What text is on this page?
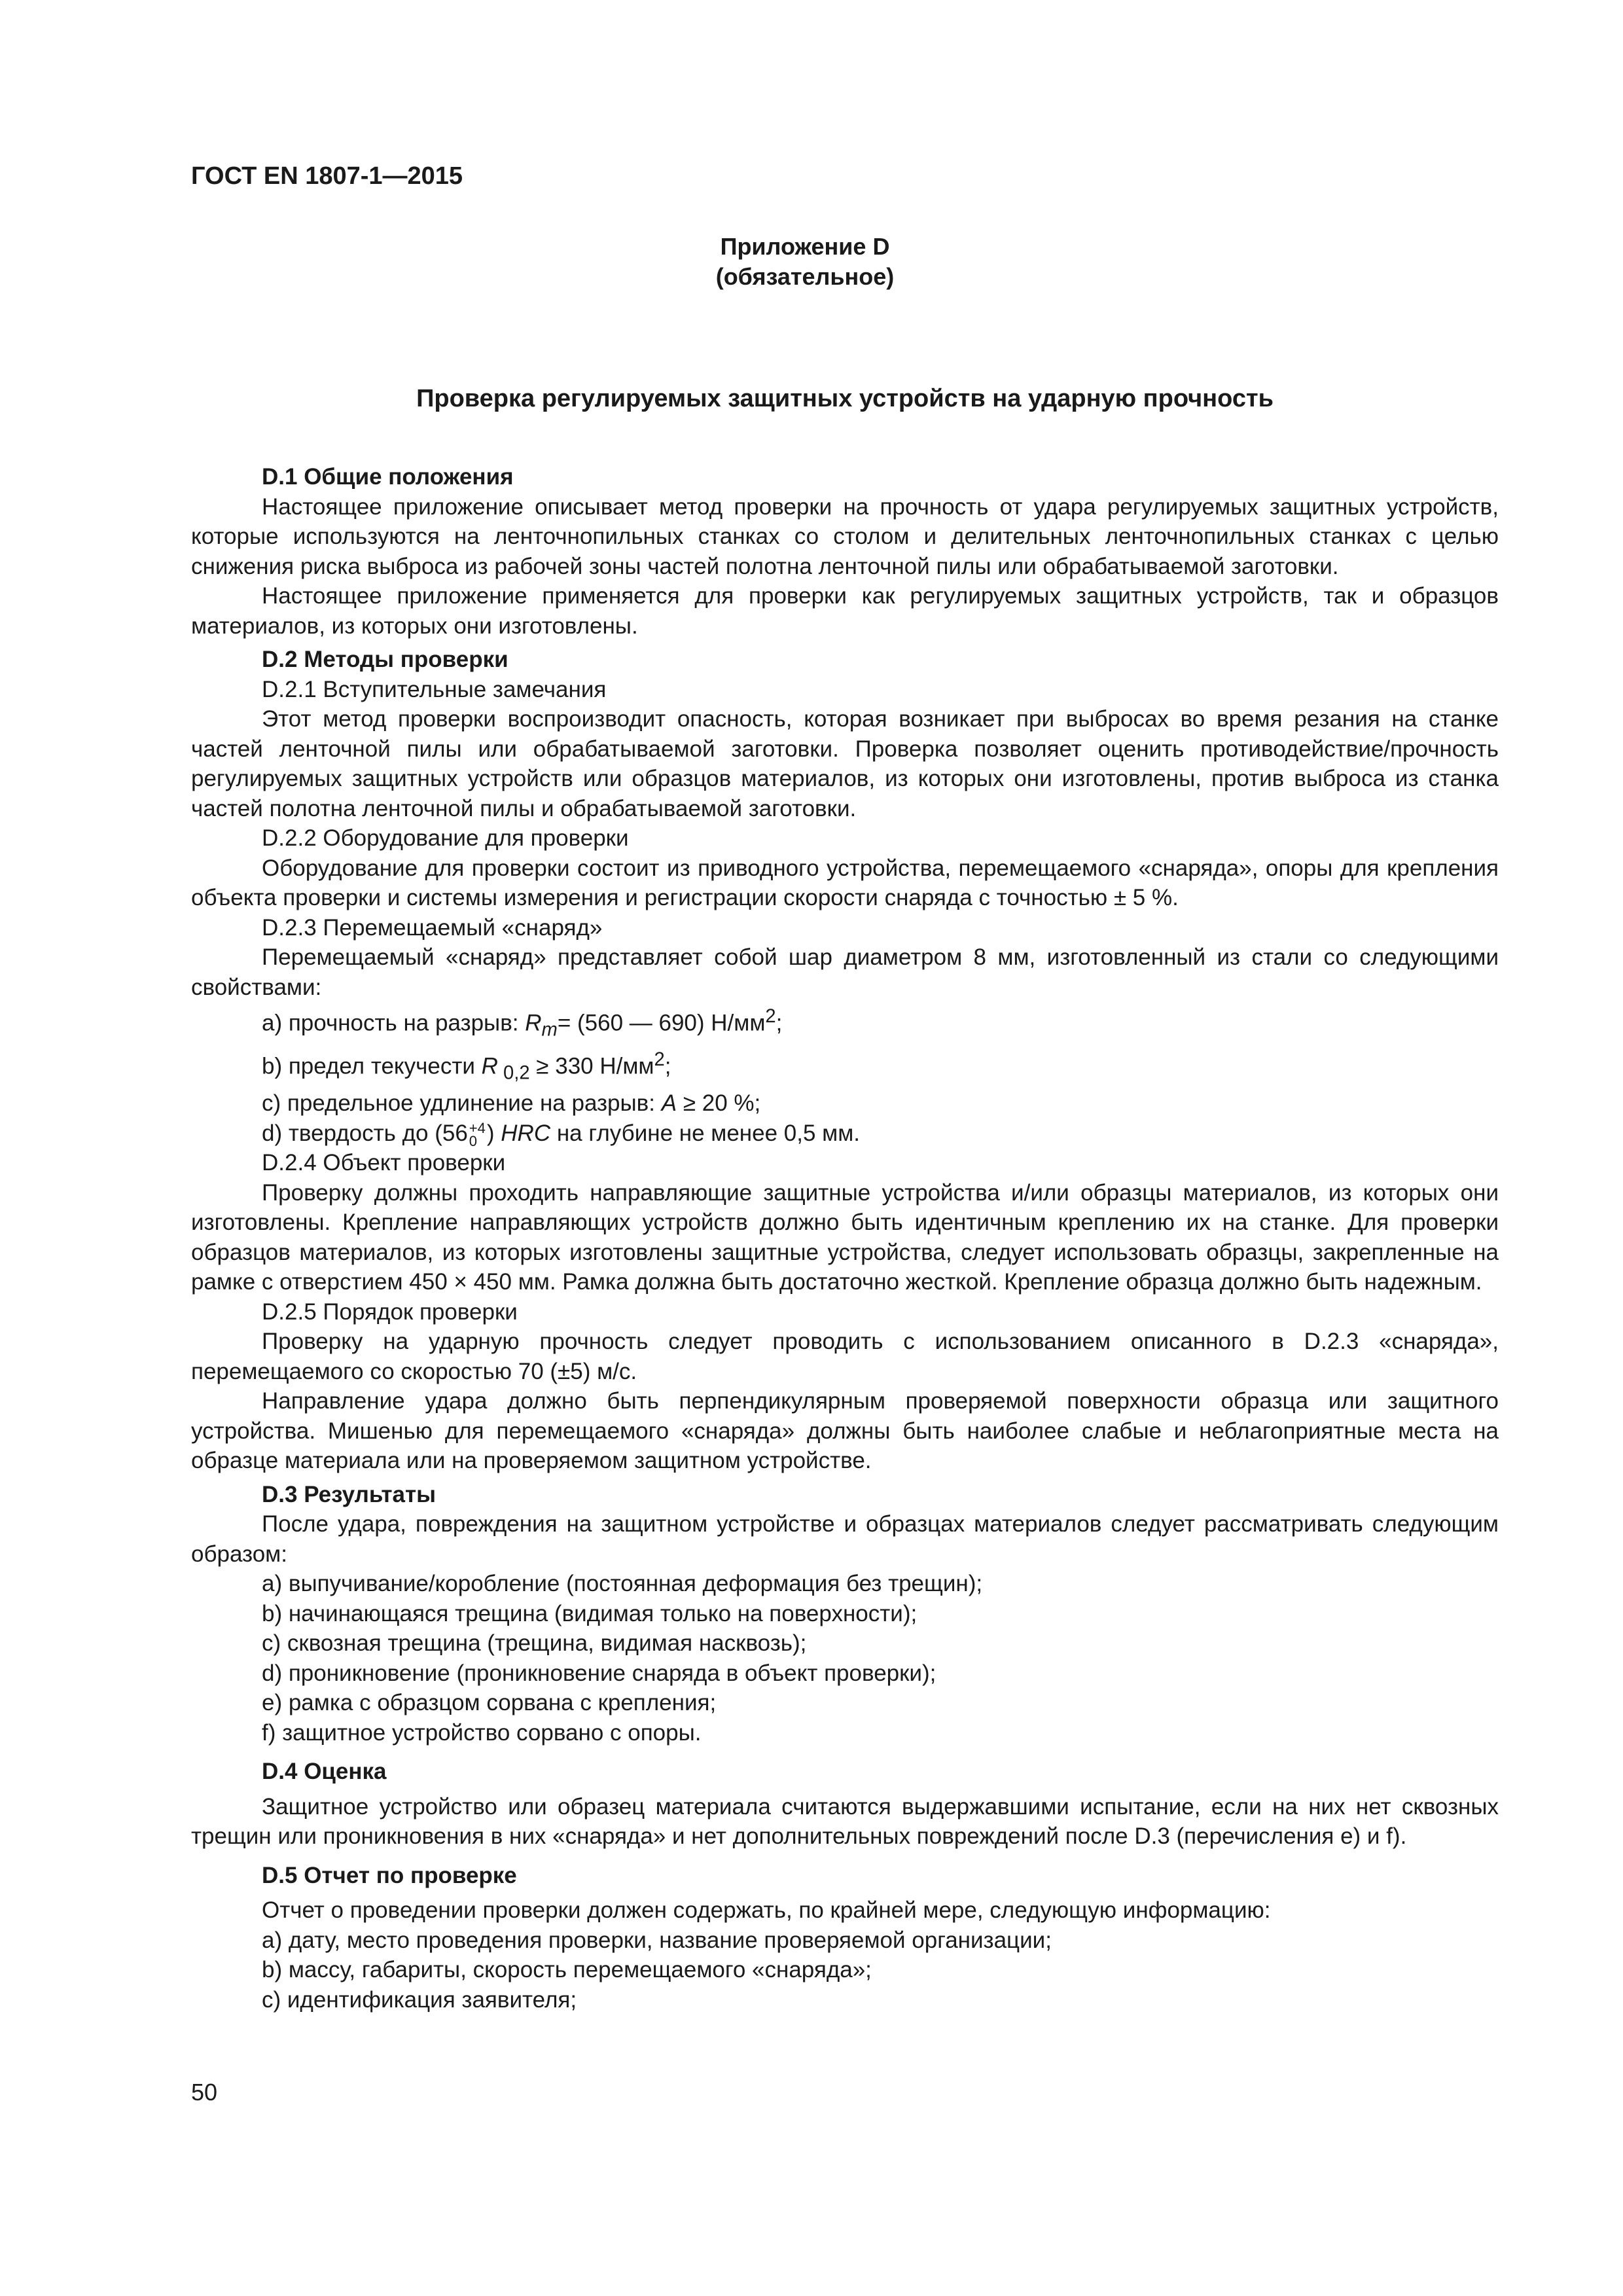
ГОСТ EN 1807-1—2015
Приложение D
(обязательное)
Проверка регулируемых защитных устройств на ударную прочность
D.1 Общие положения
Настоящее приложение описывает метод проверки на прочность от удара регулируемых защитных устройств, которые используются на ленточнопильных станках со столом и делительных ленточнопильных станках с целью снижения риска выброса из рабочей зоны частей полотна ленточной пилы или обрабатываемой заготовки.
Настоящее приложение применяется для проверки как регулируемых защитных устройств, так и образцов материалов, из которых они изготовлены.
D.2 Методы проверки
D.2.1 Вступительные замечания
Этот метод проверки воспроизводит опасность, которая возникает при выбросах во время резания на станке частей ленточной пилы или обрабатываемой заготовки. Проверка позволяет оценить противодействие/прочность регулируемых защитных устройств или образцов материалов, из которых они изготовлены, против выброса из станка частей полотна ленточной пилы и обрабатываемой заготовки.
D.2.2 Оборудование для проверки
Оборудование для проверки состоит из приводного устройства, перемещаемого «снаряда», опоры для крепления объекта проверки и системы измерения и регистрации скорости снаряда с точностью ± 5 %.
D.2.3 Перемещаемый «снаряд»
Перемещаемый «снаряд» представляет собой шар диаметром 8 мм, изготовленный из стали со следующими свойствами:
a) прочность на разрыв: $R_m= (560$ — 690) $Н/мм^2$;
b) предел текучести R $_{0,2}$ ≥ 330 $Н/мм^2$;
c) предельное удлинение на разрыв: A ≥ 20 %;
d) твердость до (56 +4
0 ) HRC на глубине не менее 0,5 мм.
D.2.4 Объект проверки
Проверку должны проходить направляющие защитные устройства и/или образцы материалов, из которых они изготовлены. Крепление направляющих устройств должно быть идентичным креплению их на станке. Для проверки образцов материалов, из которых изготовлены защитные устройства, следует использовать образцы, закрепленные на рамке с отверстием 450 × 450 мм. Рамка должна быть достаточно жесткой. Крепление образца должно быть надежным.
D.2.5 Порядок проверки
Проверку на ударную прочность следует проводить с использованием описанного в D.2.3 «снаряда», перемещаемого со скоростью 70 (±5) м/с.
Направление удара должно быть перпендикулярным проверяемой поверхности образца или защитного устройства. Мишенью для перемещаемого «снаряда» должны быть наиболее слабые и неблагоприятные места на образце материала или на проверяемом защитном устройстве.
D.3 Результаты
После удара, повреждения на защитном устройстве и образцах материалов следует рассматривать следующим образом:
a) выпучивание/коробление (постоянная деформация без трещин);
b) начинающаяся трещина (видимая только на поверхности);
c) сквозная трещина (трещина, видимая насквозь);
d) проникновение (проникновение снаряда в объект проверки);
e) рамка с образцом сорвана с крепления;
f) защитное устройство сорвано с опоры.
D.4 Оценка
Защитное устройство или образец материала считаются выдержавшими испытание, если на них нет сквозных трещин или проникновения в них «снаряда» и нет дополнительных повреждений после D.3 (перечисления e) и f).
D.5 Отчет по проверке
Отчет о проведении проверки должен содержать, по крайней мере, следующую информацию:
a) дату, место проведения проверки, название проверяемой организации;
b) массу, габариты, скорость перемещаемого «снаряда»;
c) идентификация заявителя;
50
